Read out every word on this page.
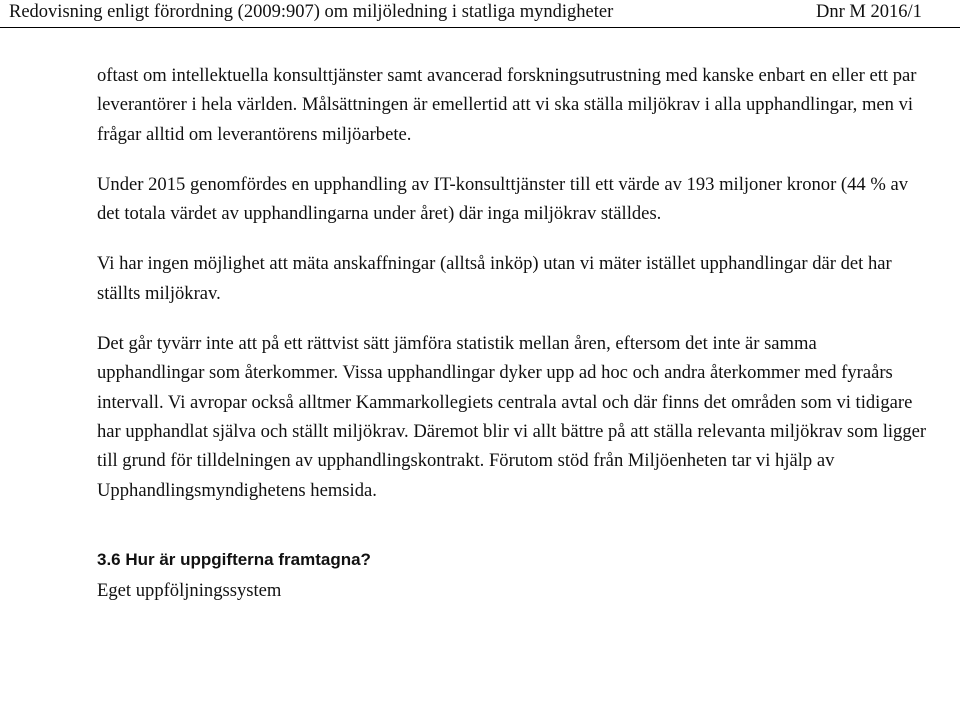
Redovisning enligt förordning (2009:907) om miljöledning i statliga myndigheter	Dnr M 2016/1

oftast om intellektuella konsulttjänster samt avancerad forskningsutrustning med kanske enbart en eller ett par leverantörer i hela världen. Målsättningen är emellertid att vi ska ställa miljökrav i alla upphandlingar, men vi frågar alltid om leverantörens miljöarbete.

Under 2015 genomfördes en upphandling av IT-konsulttjänster till ett värde av 193 miljoner kronor (44 % av det totala värdet av upphandlingarna under året) där inga miljökrav ställdes.

Vi har ingen möjlighet att mäta anskaffningar (alltså inköp) utan vi mäter istället upphandlingar där det har ställts miljökrav.

Det går tyvärr inte att på ett rättvist sätt jämföra statistik mellan åren, eftersom det inte är samma upphandlingar som återkommer. Vissa upphandlingar dyker upp ad hoc och andra återkommer med fyraårs intervall. Vi avropar också alltmer Kammarkollegiets centrala avtal och där finns det områden som vi tidigare har upphandlat själva och ställt miljökrav. Däremot blir vi allt bättre på att ställa relevanta miljökrav som ligger till grund för tilldelningen av upphandlingskontrakt. Förutom stöd från Miljöenheten tar vi hjälp av Upphandlingsmyndighetens hemsida.

3.6 Hur är uppgifterna framtagna?

Eget uppföljningssystem
